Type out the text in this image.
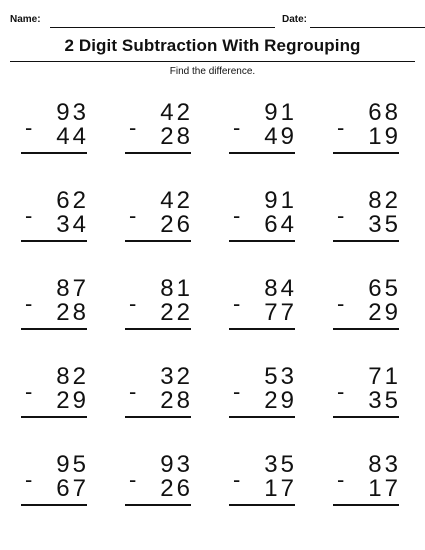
Name:	Date:
2 Digit Subtraction With Regrouping
Find the difference.
93
- 44
42
- 28
91
- 49
68
- 19
62
- 34
42
- 26
91
- 64
82
- 35
87
- 28
81
- 22
84
- 77
65
- 29
82
- 29
32
- 28
53
- 29
71
- 35
95
- 67
93
- 26
35
- 17
83
- 17
